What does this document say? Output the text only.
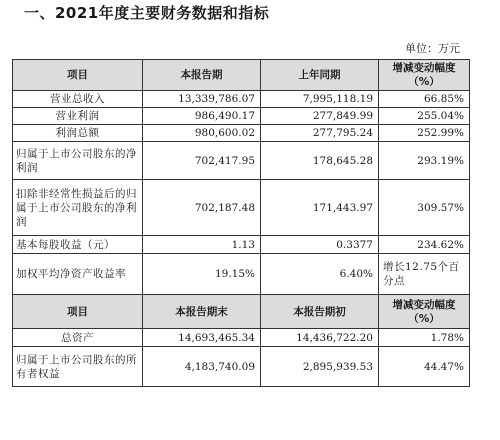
一、2021年度主要财务数据和指标
单位：万元
项目	本报告期	上年同期	增减变动幅度（%）
营业总收入	13,339,786.07	7,995,118.19	66.85%
营业利润	986,490.17	277,849.99	255.04%
利润总额	980,600.02	277,795.24	252.99%
归属于上市公司股东的净利润	702,417.95	178,645.28	293.19%
扣除非经常性损益后的归属于上市公司股东的净利润	702,187.48	171,443.97	309.57%
基本每股收益（元）	1.13	0.3377	234.62%
加权平均净资产收益率	19.15%	6.40%	增长12.75个百分点
项目	本报告期末	本报告期初	增减变动幅度（%）
总资产	14,693,465.34	14,436,722.20	1.78%
归属于上市公司股东的所有者权益	4,183,740.09	2,895,939.53	44.47%
